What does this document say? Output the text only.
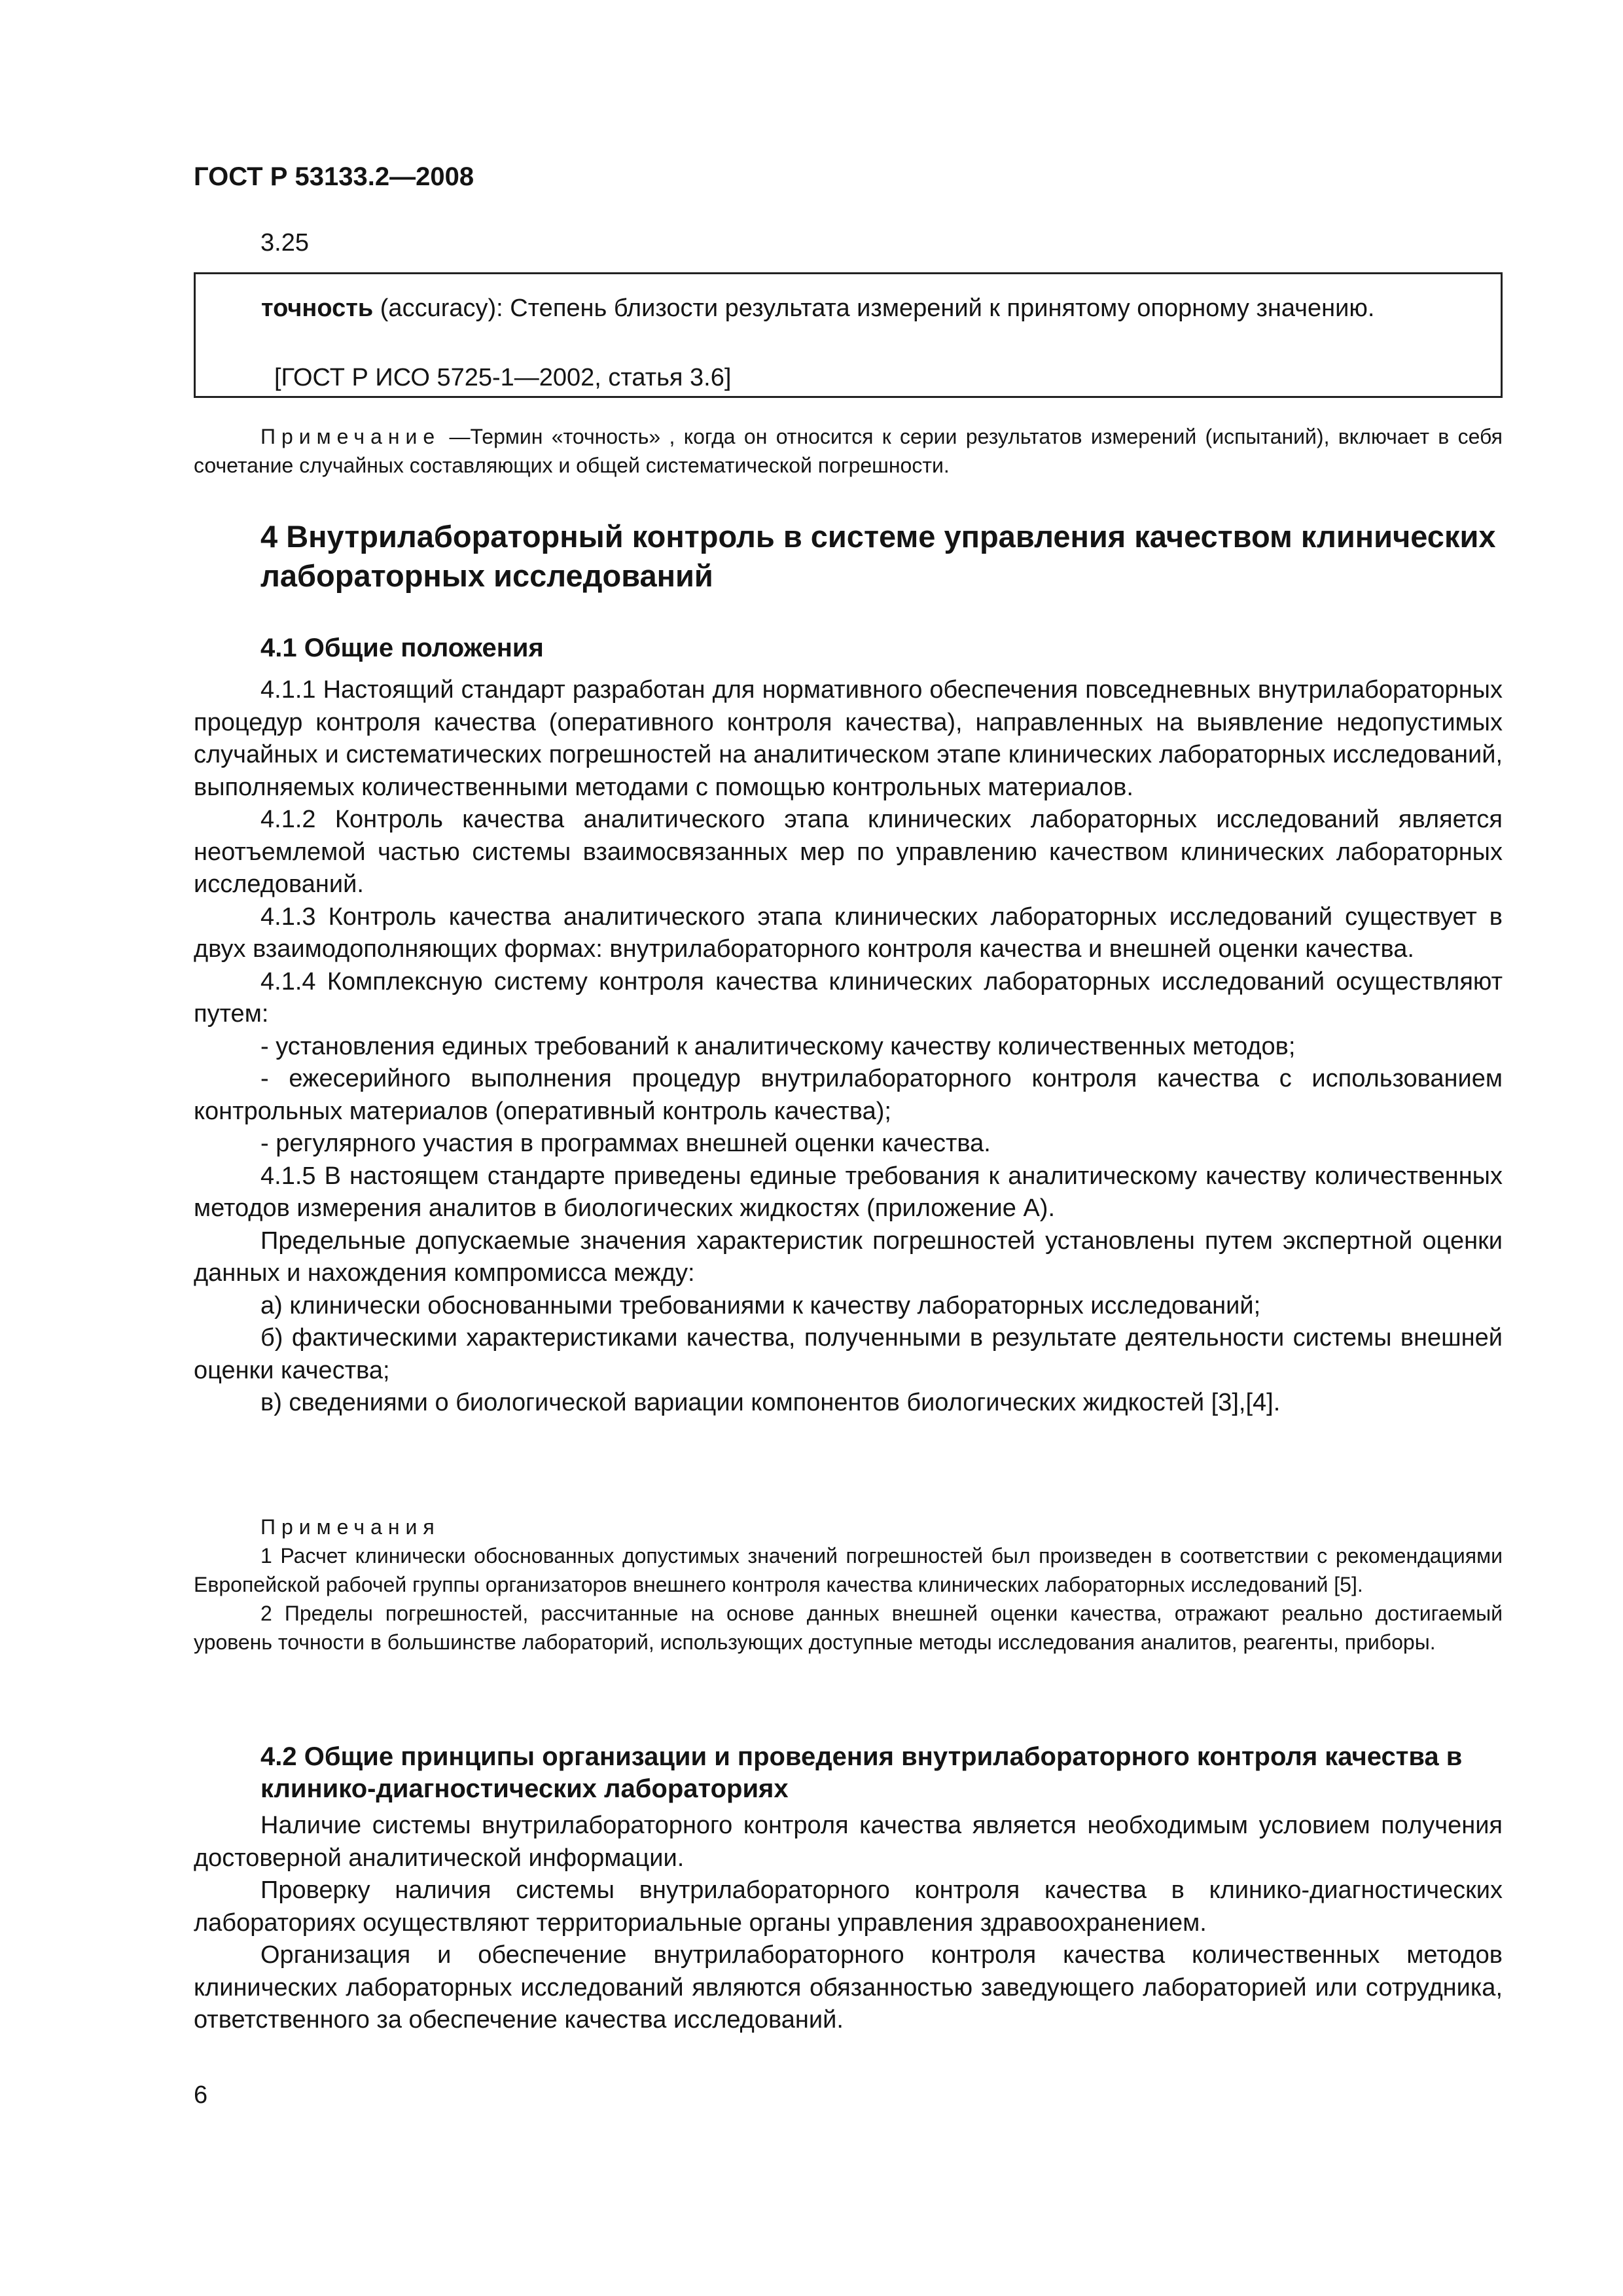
ГОСТ Р 53133.2—2008
3.25
точность (accuracy): Степень близости результата измерений к принятому опорному значению.
[ГОСТ Р ИСО 5725-1—2002, статья 3.6]
Примечание —Термин «точность» , когда он относится к серии результатов измерений (испытаний), включает в себя сочетание случайных составляющих и общей систематической погрешности.
4 Внутрилабораторный контроль в системе управления качеством клинических лабораторных исследований
4.1 Общие положения

4.1.1 Настоящий стандарт разработан для нормативного обеспечения повседневных внутрилабораторных процедур контроля качества (оперативного контроля качества), направленных на выявление недопустимых случайных и систематических погрешностей на аналитическом этапе клинических лабораторных исследований, выполняемых количественными методами с помощью контрольных материалов.

4.1.2 Контроль качества аналитического этапа клинических лабораторных исследований является неотъемлемой частью системы взаимосвязанных мер по управлению качеством клинических лабораторных исследований.

4.1.3 Контроль качества аналитического этапа клинических лабораторных исследований существует в двух взаимодополняющих формах: внутрилабораторного контроля качества и внешней оценки качества.

4.1.4 Комплексную систему контроля качества клинических лабораторных исследований осуществляют путем:

- установления единых требований к аналитическому качеству количественных методов;

- ежесерийного выполнения процедур внутрилабораторного контроля качества с использованием контрольных материалов (оперативный контроль качества);

- регулярного участия в программах внешней оценки качества.

4.1.5 В настоящем стандарте приведены единые требования к аналитическому качеству количественных методов измерения аналитов в биологических жидкостях (приложение А).

Предельные допускаемые значения характеристик погрешностей установлены путем экспертной оценки данных и нахождения компромисса между:

а) клинически обоснованными требованиями к качеству лабораторных исследований;

б) фактическими характеристиками качества, полученными в результате деятельности системы внешней оценки качества;

в) сведениями о биологической вариации компонентов биологических жидкостей [3],[4].

Примечания

1 Расчет клинически обоснованных допустимых значений погрешностей был произведен в соответствии с рекомендациями Европейской рабочей группы организаторов внешнего контроля качества клинических лабораторных исследований [5].

2 Пределы погрешностей, рассчитанные на основе данных внешней оценки качества, отражают реально достигаемый уровень точности в большинстве лабораторий, использующих доступные методы исследования аналитов, реагенты, приборы.

4.2 Общие принципы организации и проведения внутрилабораторного контроля качества в клинико-диагностических лабораториях

Наличие системы внутрилабораторного контроля качества является необходимым условием получения достоверной аналитической информации.

Проверку наличия системы внутрилабораторного контроля качества в клинико-диагностических лабораториях осуществляют территориальные органы управления здравоохранением.

Организация и обеспечение внутрилабораторного контроля качества количественных методов клинических лабораторных исследований являются обязанностью заведующего лабораторией или сотрудника, ответственного за обеспечение качества исследований.

6
